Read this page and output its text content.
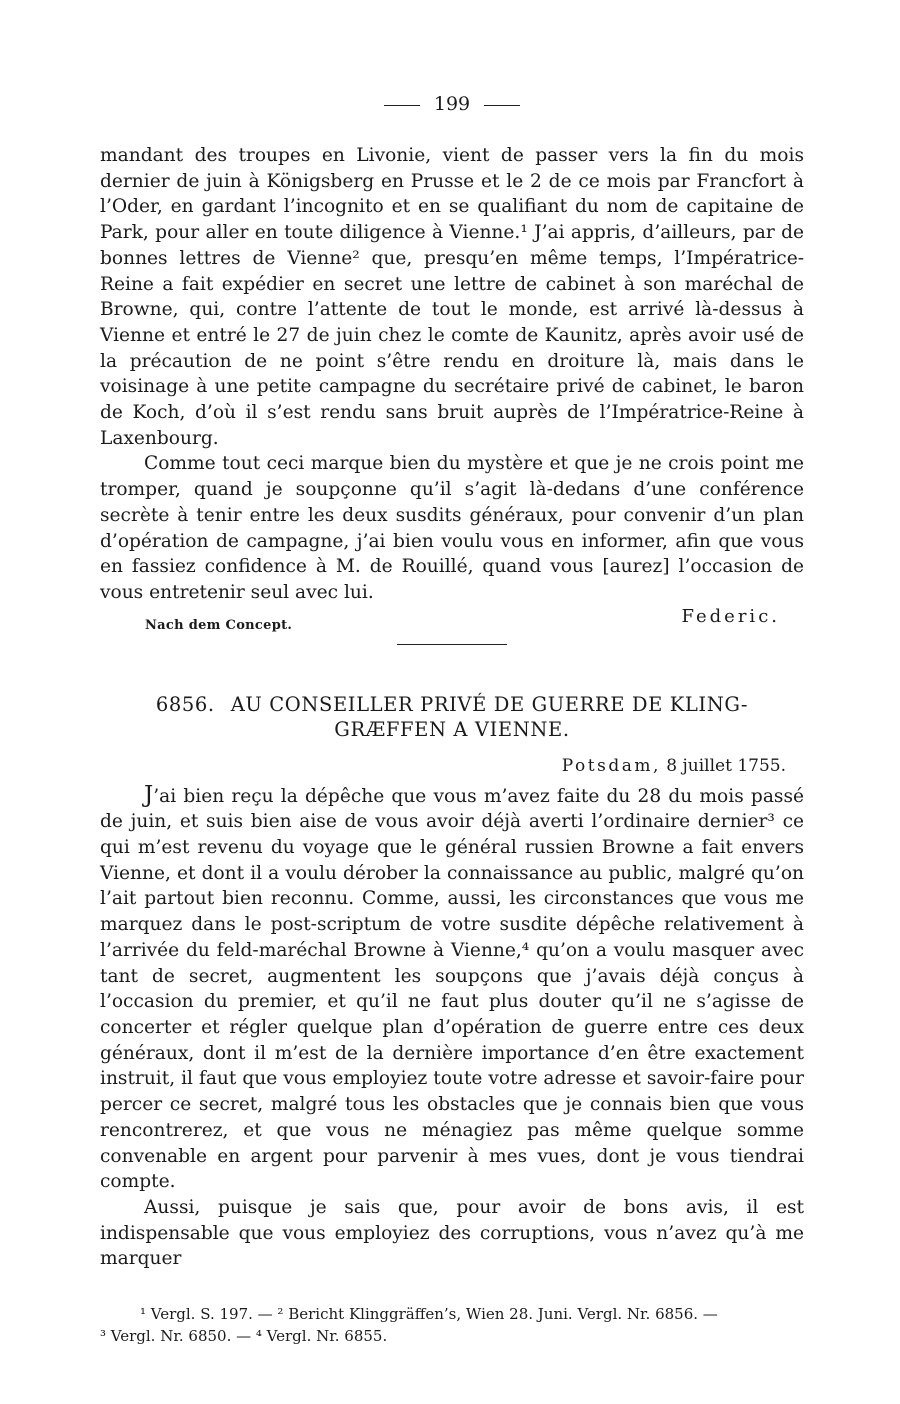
199

mandant des troupes en Livonie, vient de passer vers la fin du mois dernier de juin à Königsberg en Prusse et le 2 de ce mois par Francfort à l’Oder, en gardant l’incognito et en se qualifiant du nom de capitaine de Park, pour aller en toute diligence à Vienne.¹ J’ai appris, d’ailleurs, par de bonnes lettres de Vienne² que, presqu’en même temps, l’Impératrice-Reine a fait expédier en secret une lettre de cabinet à son maréchal de Browne, qui, contre l’attente de tout le monde, est arrivé là-dessus à Vienne et entré le 27 de juin chez le comte de Kaunitz, après avoir usé de la précaution de ne point s’être rendu en droiture là, mais dans le voisinage à une petite campagne du secrétaire privé de cabinet, le baron de Koch, d’où il s’est rendu sans bruit auprès de l’Impératrice-Reine à Laxenbourg.

Comme tout ceci marque bien du mystère et que je ne crois point me tromper, quand je soupçonne qu’il s’agit là-dedans d’une conférence secrète à tenir entre les deux susdits généraux, pour convenir d’un plan d’opération de campagne, j’ai bien voulu vous en informer, afin que vous en fassiez confidence à M. de Rouillé, quand vous [aurez] l’occasion de vous entretenir seul avec lui.

Nach dem Concept.	Federic.
6856. AU CONSEILLER PRIVÉ DE GUERRE DE KLING-
GRÆFFEN A VIENNE.
Potsdam, 8 juillet 1755.

J’ai bien reçu la dépêche que vous m’avez faite du 28 du mois passé de juin, et suis bien aise de vous avoir déjà averti l’ordinaire dernier³ ce qui m’est revenu du voyage que le général russien Browne a fait envers Vienne, et dont il a voulu dérober la connaissance au public, malgré qu’on l’ait partout bien reconnu. Comme, aussi, les circonstances que vous me marquez dans le post-scriptum de votre susdite dépêche relativement à l’arrivée du feld-maréchal Browne à Vienne,⁴ qu’on a voulu masquer avec tant de secret, augmentent les soupçons que j’avais déjà conçus à l’occasion du premier, et qu’il ne faut plus douter qu’il ne s’agisse de concerter et régler quelque plan d’opération de guerre entre ces deux généraux, dont il m’est de la dernière importance d’en être exactement instruit, il faut que vous employiez toute votre adresse et savoir-faire pour percer ce secret, malgré tous les obstacles que je connais bien que vous rencontrerez, et que vous ne ménagiez pas même quelque somme convenable en argent pour parvenir à mes vues, dont je vous tiendrai compte.

Aussi, puisque je sais que, pour avoir de bons avis, il est indispensable que vous employiez des corruptions, vous n’avez qu’à me marquer

¹ Vergl. S. 197. — ² Bericht Klinggräffen’s, Wien 28. Juni. Vergl. Nr. 6856. —
³ Vergl. Nr. 6850. — ⁴ Vergl. Nr. 6855.
